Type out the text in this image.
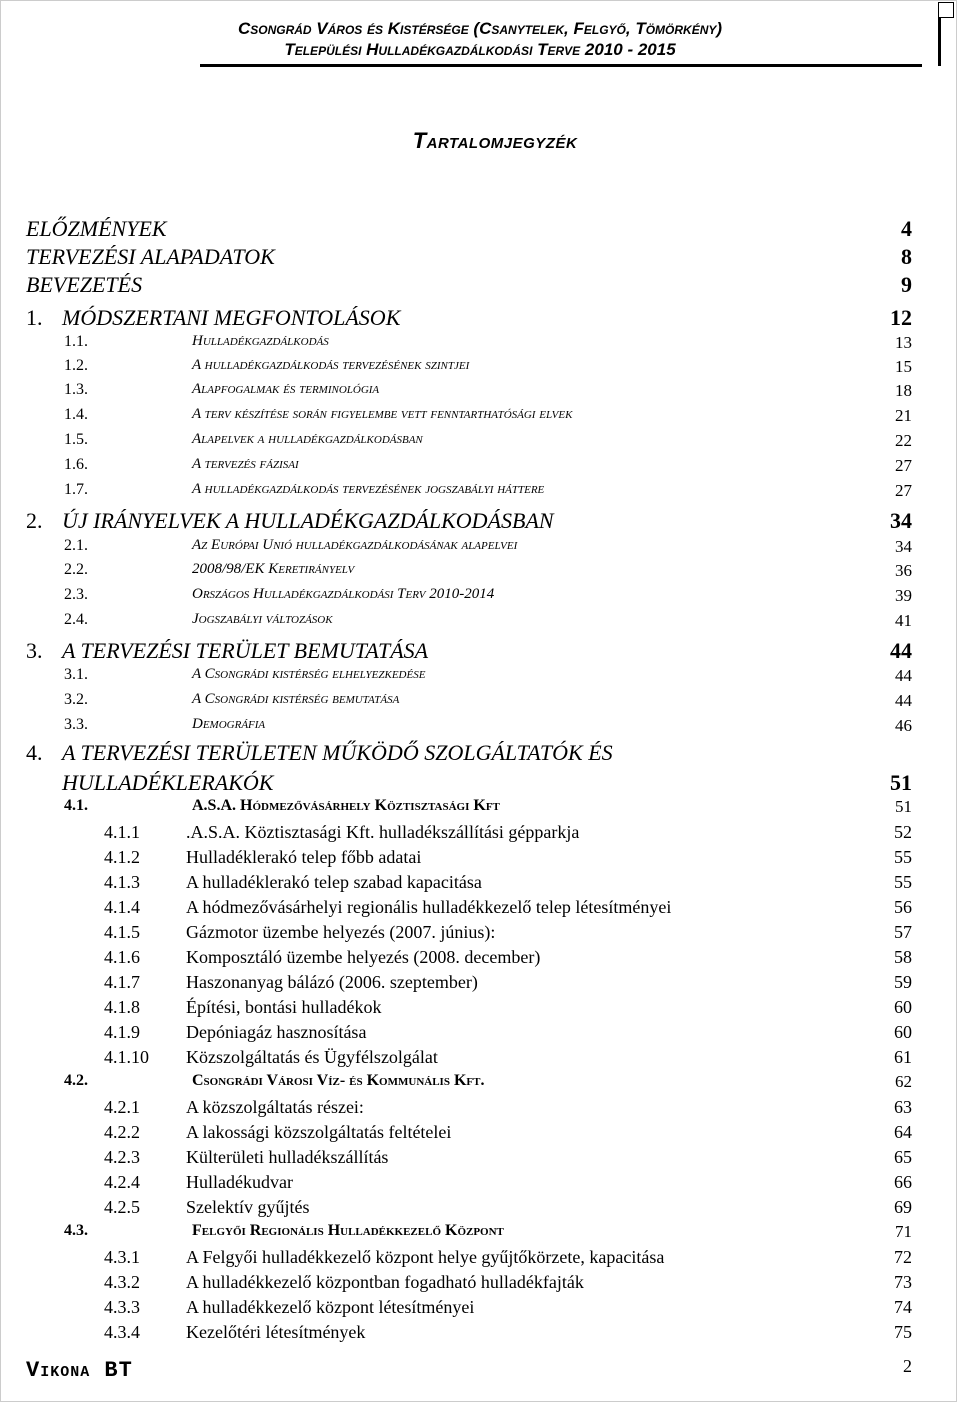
Csongrád Város és Kistérsége (Csanytelek, Felgyő, Tömörkény)
Települési Hulladékgazdálkodási Terve 2010 - 2015
Tartalomjegyzék
ELŐZMÉNYEK	4
TERVEZÉSI ALAPADATOK	8
BEVEZETÉS	9
1. MÓDSZERTANI MEGFONTOLÁSOK	12
1.1.	Hulladékgazdálkodás	13
1.2.	A hulladékgazdálkodás tervezésének szintjei	15
1.3.	Alapfogalmak és terminológia	18
1.4.	A terv készítése során figyelembe vett fenntarthatósági elvek	21
1.5.	Alapelvek a hulladékgazdálkodásban	22
1.6.	A tervezés fázisai	27
1.7.	A hulladékgazdálkodás tervezésének jogszabályi háttere	27
2. ÚJ IRÁNYELVEK A HULLADÉKGAZDÁLKODÁSBAN	34
2.1.	Az Európai Unió hulladékgazdálkodásának alapelvei	34
2.2.	2008/98/EK Keretirányelv	36
2.3.	Országos Hulladékgazdálkodási Terv 2010-2014	39
2.4.	Jogszabályi változások	41
3. A TERVEZÉSI TERÜLET BEMUTATÁSA	44
3.1.	A Csongrádi kistérség elhelyezkedése	44
3.2.	A Csongrádi kistérség bemutatása	44
3.3.	Demográfia	46
4. A TERVEZÉSI TERÜLETEN MŰKÖDŐ SZOLGÁLTATÓK ÉS
HULLADÉKLERAKÓK	51
4.1.	A.S.A. Hódmezővásárhely Köztisztasági Kft	51
4.1.1	.A.S.A. Köztisztasági Kft. hulladékszállítási gépparkja	52
4.1.2	Hulladéklerakó telep főbb adatai	55
4.1.3	A hulladéklerakó telep szabad kapacitása	55
4.1.4	A hódmezővásárhelyi regionális hulladékkezelő telep létesítményei	56
4.1.5	Gázmotor üzembe helyezés (2007. június):	57
4.1.6	Komposztáló üzembe helyezés (2008. december)	58
4.1.7	Haszonanyag bálázó (2006. szeptember)	59
4.1.8	Építési, bontási hulladékok	60
4.1.9	Depóniagáz hasznosítása	60
4.1.10 Közszolgáltatás és Ügyfélszolgálat	61
4.2.	Csongrádi Városi Víz- és Kommunális Kft.	62
4.2.1	A közszolgáltatás részei:	63
4.2.2	A lakossági közszolgáltatás feltételei	64
4.2.3	Külterületi hulladékszállítás	65
4.2.4	Hulladékudvar	66
4.2.5	Szelektív gyűjtés	69
4.3.	Felgyői Regionális Hulladékkezelő Központ	71
4.3.1	A Felgyői hulladékkezelő központ helye gyűjtőkörzete, kapacitása	72
4.3.2	A hulladékkezelő központban fogadható hulladékfajták	73
4.3.3	A hulladékkezelő központ létesítményei	74
4.3.4	Kezelőtéri létesítmények	75
Vikona BT	2
